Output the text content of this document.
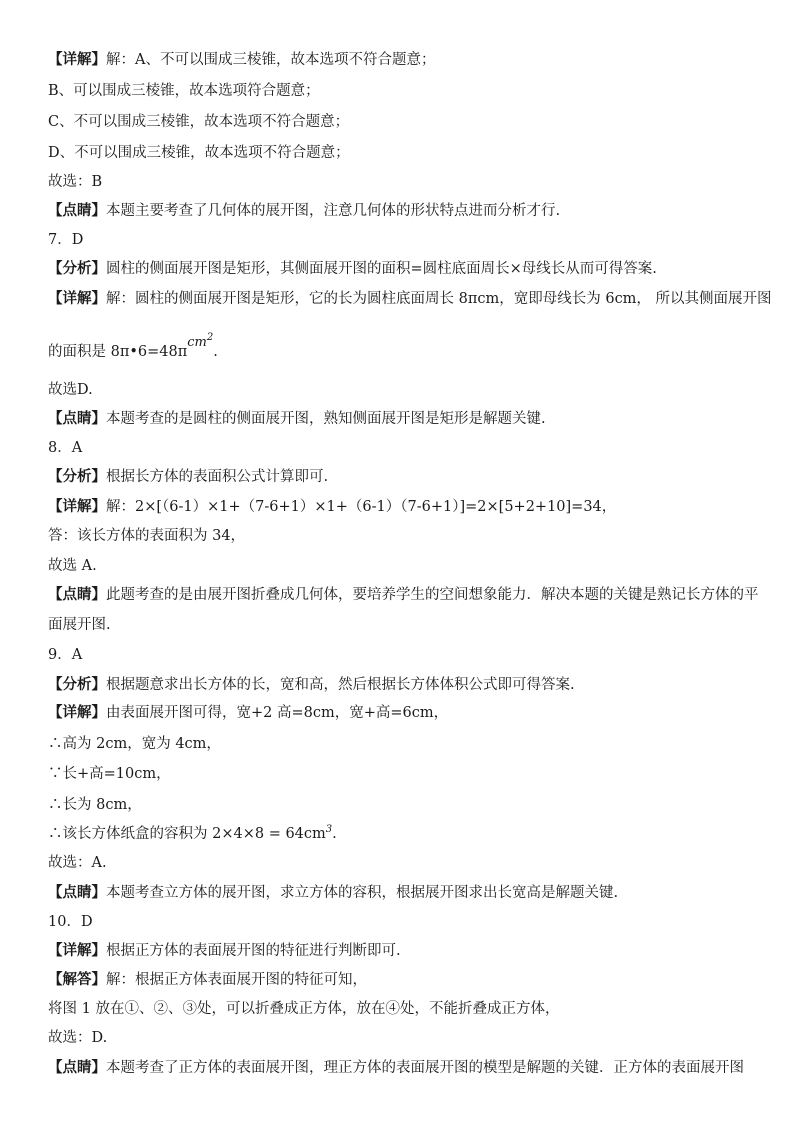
【详解】解：A、不可以围成三棱锥，故本选项不符合题意；
B、可以围成三棱锥，故本选项符合题意；
C、不可以围成三棱锥，故本选项不符合题意；
D、不可以围成三棱锥，故本选项不符合题意；
故选：B
【点睛】本题主要考查了几何体的展开图，注意几何体的形状特点进而分析才行.
7．D
【分析】圆柱的侧面展开图是矩形，其侧面展开图的面积=圆柱底面周长×母线长从而可得答案.
【详解】解：圆柱的侧面展开图是矩形，它的长为圆柱底面周长 8πcm，宽即母线长为 6cm， 所以其侧面展开图
的面积是 8π•6=48πcm$^2$.
故选D.
【点睛】本题考查的是圆柱的侧面展开图，熟知侧面展开图是矩形是解题关键.
8．A
【分析】根据长方体的表面积公式计算即可.
【详解】解：2×[（6-1）×1+（7-6+1）×1+（6-1）（7-6+1）]=2×[5+2+10]=34，
答：该长方体的表面积为 34，
故选 A.
【点睛】此题考查的是由展开图折叠成几何体，要培养学生的空间想象能力．解决本题的关键是熟记长方体的平
面展开图.
9．A
【分析】根据题意求出长方体的长，宽和高，然后根据长方体体积公式即可得答案.
【详解】由表面展开图可得，宽+2 高=8cm，宽+高=6cm，
∴高为 2cm，宽为 4cm，
∵长+高=10cm，
∴长为 8cm，
∴该长方体纸盒的容积为 $2\times 4\times 8 = 64cm^3$.
故选：A.
【点睛】本题考查立方体的展开图，求立方体的容积，根据展开图求出长宽高是解题关键.
10．D
【详解】根据正方体的表面展开图的特征进行判断即可.
【解答】解：根据正方体表面展开图的特征可知，
将图 1 放在①、②、③处，可以折叠成正方体，放在④处，不能折叠成正方体，
故选：D.
【点睛】本题考查了正方体的表面展开图，理正方体的表面展开图的模型是解题的关键．正方体的表面展开图
